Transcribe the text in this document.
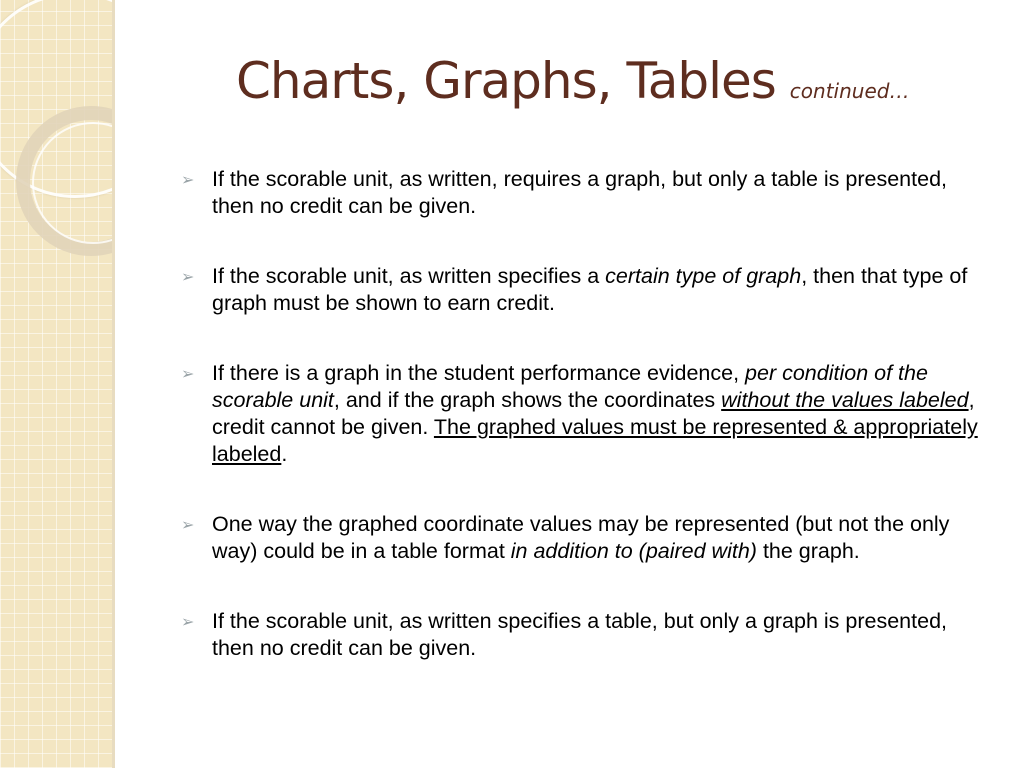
Charts, Graphs, Tables continued…
➢ If the scorable unit, as written, requires a graph, but only a table is presented, then no credit can be given.
➢ If the scorable unit, as written specifies a certain type of graph, then that type of graph must be shown to earn credit.
➢ If there is a graph in the student performance evidence, per condition of the scorable unit, and if the graph shows the coordinates without the values labeled, credit cannot be given. The graphed values must be represented & appropriately labeled.
➢ One way the graphed coordinate values may be represented (but not the only way) could be in a table format in addition to (paired with) the graph.
➢ If the scorable unit, as written specifies a table, but only a graph is presented, then no credit can be given.
